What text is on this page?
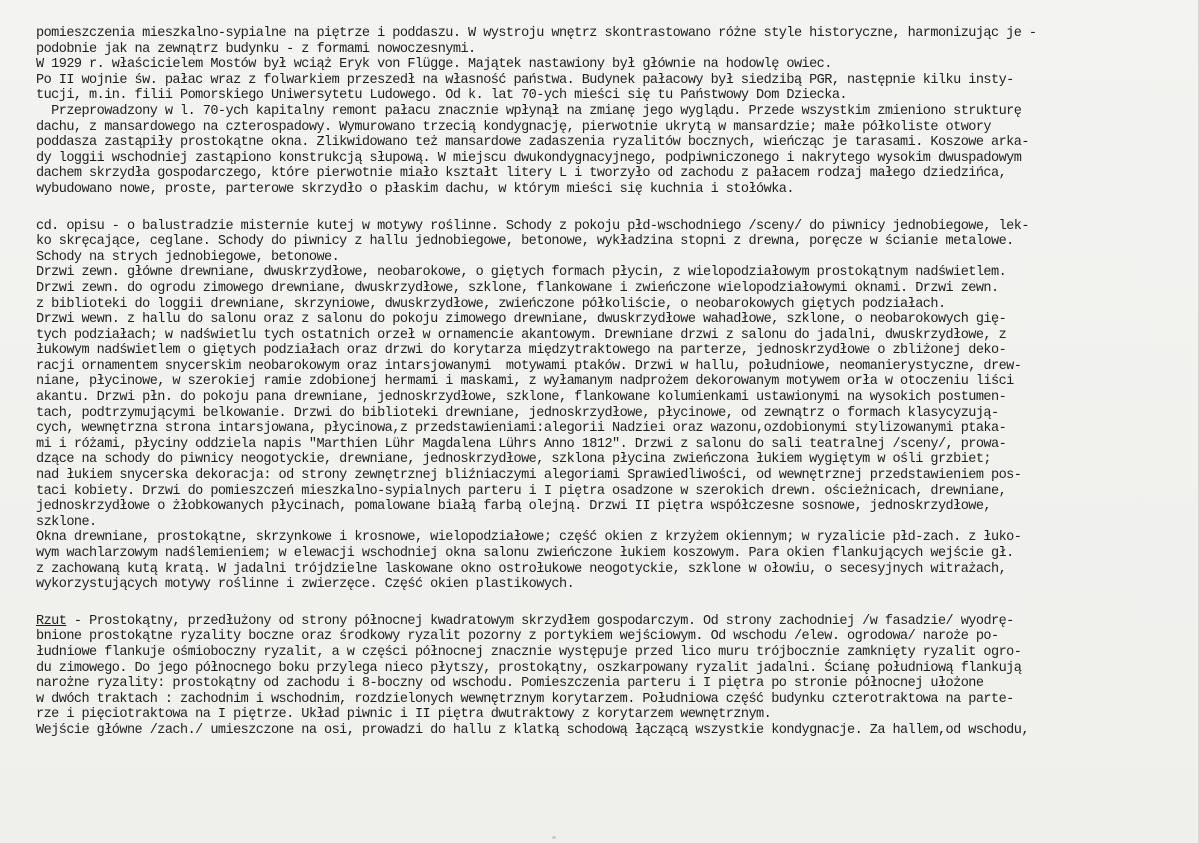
pomieszczenia mieszkalno-sypialne na piętrze i poddaszu. W wystroju wnętrz skontrastowano różne style historyczne, harmonizując je -
podobnie jak na zewnątrz budynku - z formami nowoczesnymi.
W 1929 r. właścicielem Mostów był wciąż Eryk von Flügge. Majątek nastawiony był głównie na hodowlę owiec.
Po II wojnie św. pałac wraz z folwarkiem przeszedł na własność państwa. Budynek pałacowy był siedzibą PGR, następnie kilku insty-
tucji, m.in. filii Pomorskiego Uniwersytetu Ludowego. Od k. lat 70-ych mieści się tu Państwowy Dom Dziecka.
Przeprowadzony w l. 70-ych kapitalny remont pałacu znacznie wpłynął na zmianę jego wyglądu. Przede wszystkim zmieniono strukturę
dachu, z mansardowego na czterospadowy. Wymurowano trzecią kondygnację, pierwotnie ukrytą w mansardzie; małe półkoliste otwory
poddasza zastąpiły prostokątne okna. Zlikwidowano też mansardowe zadaszenia ryzalitów bocznych, wieńcząc je tarasami. Koszowe arka-
dy loggii wschodniej zastąpiono konstrukcją słupową. W miejscu dwukondygnacyjnego, podpiwniczonego i nakrytego wysokim dwuspadowym
dachem skrzydła gospodarczego, które pierwotnie miało kształt litery L i tworzyło od zachodu z pałacem rodzaj małego dziedzińca,
wybudowano nowe, proste, parterowe skrzydło o płaskim dachu, w którym mieści się kuchnia i stołówka.
cd. opisu - o balustradzie misternie kutej w motywy roślinne. Schody z pokoju płd-wschodniego /sceny/ do piwnicy jednobiegowe, lek-
ko skręcające, ceglane. Schody do piwnicy z hallu jednobiegowe, betonowe, wykładzina stopni z drewna, poręcze w ścianie metalowe.
Schody na strych jednobiegowe, betonowe.
Drzwi zewn. główne drewniane, dwuskrzydłowe, neobarokowe, o giętych formach płycin, z wielopodziałowym prostokątnym nadświetlem.
Drzwi zewn. do ogrodu zimowego drewniane, dwuskrzydłowe, szklone, flankowane i zwieńczone wielopodziałowymi oknami. Drzwi zewn.
z biblioteki do loggii drewniane, skrzyniowe, dwuskrzydłowe, zwieńczone półkoliście, o neobarokowych giętych podziałach.
Drzwi wewn. z hallu do salonu oraz z salonu do pokoju zimowego drewniane, dwuskrzydłowe wahadłowe, szklone, o neobarokowych gię-
tych podziałach; w nadświetlu tych ostatnich orzeł w ornamencie akantowym. Drewniane drzwi z salonu do jadalni, dwuskrzydłowe, z
łukowym nadświetlem o giętych podziałach oraz drzwi do korytarza międzytraktowego na parterze, jednoskrzydłowe o zbliżonej deko-
racji ornamentem snycerskim neobarokowym oraz intarsjowanymi  motywami ptaków. Drzwi w hallu, południowe, neomanierystyczne, drew-
niane, płycinowe, w szerokiej ramie zdobionej hermami i maskami, z wyłamanym nadprożem dekorowanym motywem orła w otoczeniu liści
akantu. Drzwi płn. do pokoju pana drewniane, jednoskrzydłowe, szklone, flankowane kolumienkami ustawionymi na wysokich postumen-
tach, podtrzymującymi belkowanie. Drzwi do biblioteki drewniane, jednoskrzydłowe, płycinowe, od zewnątrz o formach klasycyzują-
cych, wewnętrzna strona intarsjowana, płycinowa,z przedstawieniami:alegorii Nadziei oraz wazonu,ozdobionymi stylizowanymi ptaka-
mi i różami, płyciny oddziela napis "Marthien Lühr Magdalena Lührs Anno 1812". Drzwi z salonu do sali teatralnej /sceny/, prowa-
dzące na schody do piwnicy neogotyckie, drewniane, jednoskrzydłowe, szklona płycina zwieńczona łukiem wygiętym w ośli grzbiet;
nad łukiem snycerska dekoracja: od strony zewnętrznej bliźniaczymi alegoriami Sprawiedliwości, od wewnętrznej przedstawieniem pos-
taci kobiety. Drzwi do pomieszczeń mieszkalno-sypialnych parteru i I piętra osadzone w szerokich drewn. ościeżnicach, drewniane,
jednoskrzydłowe o żłobkowanych płycinach, pomalowane białą farbą olejną. Drzwi II piętra współczesne sosnowe, jednoskrzydłowe,
szklone.
Okna drewniane, prostokątne, skrzynkowe i krosnowe, wielopodziałowe; część okien z krzyżem okiennym; w ryzalicie płd-zach. z łuko-
wym wachlarzowym nadślemieniem; w elewacji wschodniej okna salonu zwieńczone łukiem koszowym. Para okien flankujących wejście gł.
z zachowaną kutą kratą. W jadalni trójdzielne laskowane okno ostrołukowe neogotyckie, szklone w ołowiu, o secesyjnych witrażach,
wykorzystujących motywy roślinne i zwierzęce. Część okien plastikowych.
Rzut - Prostokątny, przedłużony od strony północnej kwadratowym skrzydłem gospodarczym. Od strony zachodniej /w fasadzie/ wyodrę-
bnione prostokątne ryzality boczne oraz środkowy ryzalit pozorny z portykiem wejściowym. Od wschodu /elew. ogrodowa/ naroże po-
łudniowe flankuje ośmioboczny ryzalit, a w części północnej znacznie występuje przed lico muru trójbocznie zamknięty ryzalit ogro-
du zimowego. Do jego północnego boku przylega nieco płytszy, prostokątny, oszkarpowany ryzalit jadalni. Ścianę południową flankują
narożne ryzality: prostokątny od zachodu i 8-boczny od wschodu. Pomieszczenia parteru i I piętra po stronie północnej ułożone
w dwóch traktach : zachodnim i wschodnim, rozdzielonych wewnętrznym korytarzem. Południowa część budynku czterotraktowa na parte-
rze i pięciotraktowa na I piętrze. Układ piwnic i II piętra dwutraktowy z korytarzem wewnętrznym.
Wejście główne /zach./ umieszczone na osi, prowadzi do hallu z klatką schodową łączącą wszystkie kondygnacje. Za hallem,od wschodu,
